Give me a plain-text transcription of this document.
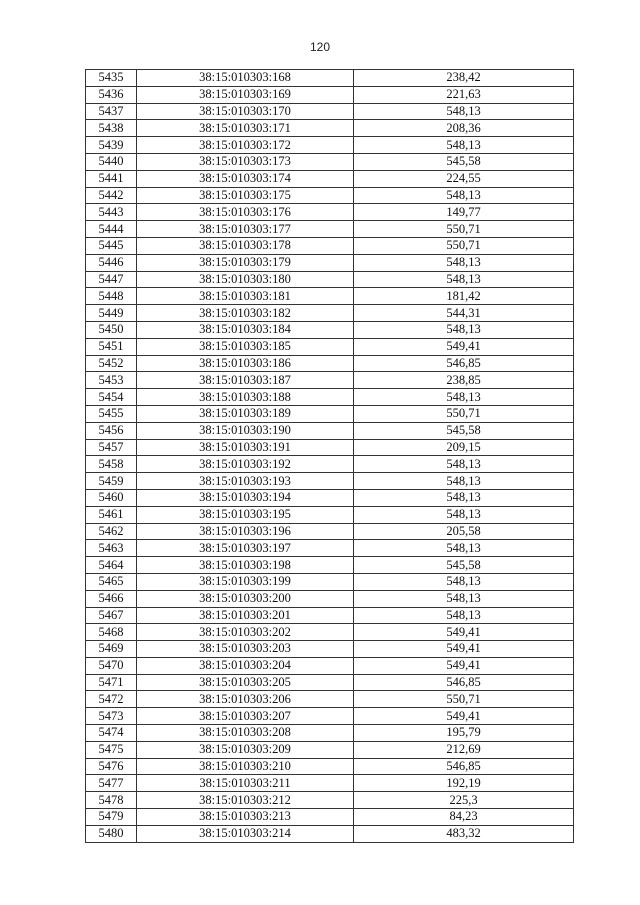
120
5435	38:15:010303:168	238,42
5436	38:15:010303:169	221,63
5437	38:15:010303:170	548,13
5438	38:15:010303:171	208,36
5439	38:15:010303:172	548,13
5440	38:15:010303:173	545,58
5441	38:15:010303:174	224,55
5442	38:15:010303:175	548,13
5443	38:15:010303:176	149,77
5444	38:15:010303:177	550,71
5445	38:15:010303:178	550,71
5446	38:15:010303:179	548,13
5447	38:15:010303:180	548,13
5448	38:15:010303:181	181,42
5449	38:15:010303:182	544,31
5450	38:15:010303:184	548,13
5451	38:15:010303:185	549,41
5452	38:15:010303:186	546,85
5453	38:15:010303:187	238,85
5454	38:15:010303:188	548,13
5455	38:15:010303:189	550,71
5456	38:15:010303:190	545,58
5457	38:15:010303:191	209,15
5458	38:15:010303:192	548,13
5459	38:15:010303:193	548,13
5460	38:15:010303:194	548,13
5461	38:15:010303:195	548,13
5462	38:15:010303:196	205,58
5463	38:15:010303:197	548,13
5464	38:15:010303:198	545,58
5465	38:15:010303:199	548,13
5466	38:15:010303:200	548,13
5467	38:15:010303:201	548,13
5468	38:15:010303:202	549,41
5469	38:15:010303:203	549,41
5470	38:15:010303:204	549,41
5471	38:15:010303:205	546,85
5472	38:15:010303:206	550,71
5473	38:15:010303:207	549,41
5474	38:15:010303:208	195,79
5475	38:15:010303:209	212,69
5476	38:15:010303:210	546,85
5477	38:15:010303:211	192,19
5478	38:15:010303:212	225,3
5479	38:15:010303:213	84,23
5480	38:15:010303:214	483,32
